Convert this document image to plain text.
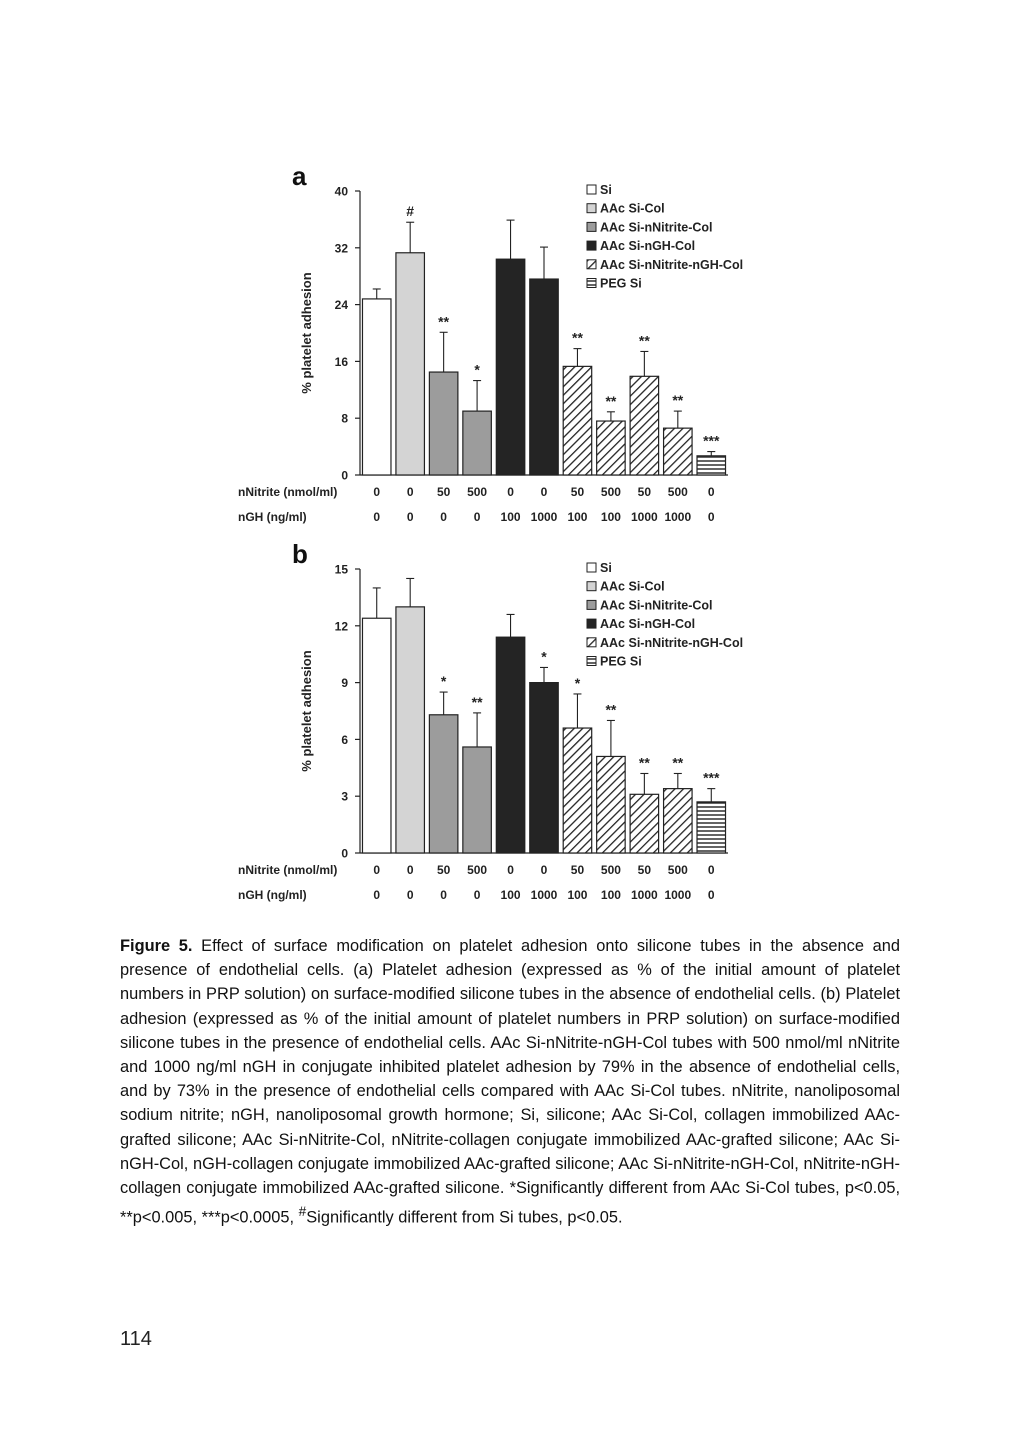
a
% platelet adhesion
0
8
16
24
32
40
0
0
#
0
0
**
50
0
*
500
0
0
100
0
1000
**
50
100
**
500
100
**
50
1000
**
500
1000
***
0
0
nNitrite (nmol/ml)
nGH (ng/ml)
Si
AAc Si-Col
AAc Si-nNitrite-Col
AAc Si-nGH-Col
AAc Si-nNitrite-nGH-Col
PEG Si
b
% platelet adhesion
0
3
6
9
12
15
0
0
0
0
*
50
0
**
500
0
0
100
*
0
1000
*
50
100
**
500
100
**
50
1000
**
500
1000
***
0
0
nNitrite (nmol/ml)
nGH (ng/ml)
Si
AAc Si-Col
AAc Si-nNitrite-Col
AAc Si-nGH-Col
AAc Si-nNitrite-nGH-Col
PEG Si
Figure 5. Effect of surface modification on platelet adhesion onto silicone tubes in the absence and presence of endothelial cells. (a) Platelet adhesion (expressed as % of the initial amount of platelet numbers in PRP solution) on surface-modified silicone tubes in the absence of endothelial cells. (b) Platelet adhesion (expressed as % of the initial amount of platelet numbers in PRP solution) on surface-modified silicone tubes in the presence of endothelial cells. AAc Si-nNitrite-nGH-Col tubes with 500 nmol/ml nNitrite and 1000 ng/ml nGH in conjugate inhibited platelet adhesion by 79% in the absence of endothelial cells, and by 73% in the presence of endothelial cells compared with AAc Si-Col tubes. nNitrite, nanoliposomal sodium nitrite; nGH, nanoliposomal growth hormone; Si, silicone; AAc Si-Col, collagen immobilized AAc-grafted silicone; AAc Si-nNitrite-Col, nNitrite-collagen conjugate immobilized AAc-grafted silicone; AAc Si-nGH-Col, nGH-collagen conjugate immobilized AAc-grafted silicone; AAc Si-nNitrite-nGH-Col, nNitrite-nGH-collagen conjugate immobilized AAc-grafted silicone. *Significantly different from AAc Si-Col tubes, p<0.05, **p<0.005, ***p<0.0005, #Significantly different from Si tubes, p<0.05.
114
